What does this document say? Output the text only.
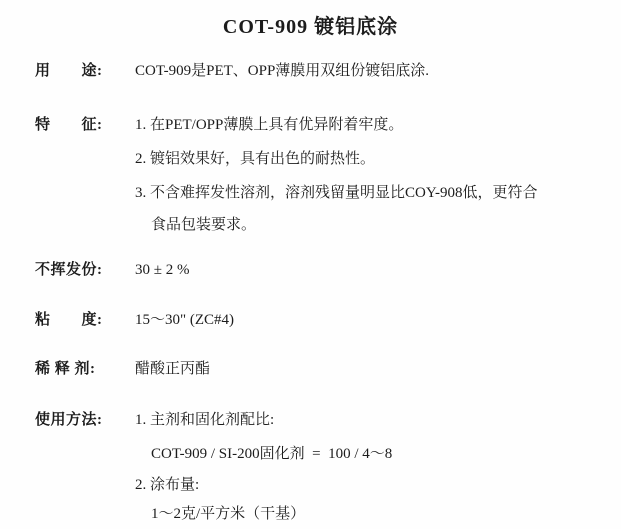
COT-909 镀铝底涂
用　　途: COT-909是PET、OPP薄膜用双组份镀铝底涂.
特　　征: 1. 在PET/OPP薄膜上具有优异附着牢度。
2. 镀铝效果好，具有出色的耐热性。
3. 不含难挥发性溶剂，溶剂残留量明显比COY-908低，更符合
食品包装要求。
不挥发份: 30 ± 2 %
粘　　度: 15～30" (ZC#4)
稀 释 剂:	醋酸正丙酯
使用方法: 1. 主剂和固化剂配比:
COT-909 / SI-200固化剂  =  100 / 4～8
2. 涂布量:
1～2克/平方米（干基）
